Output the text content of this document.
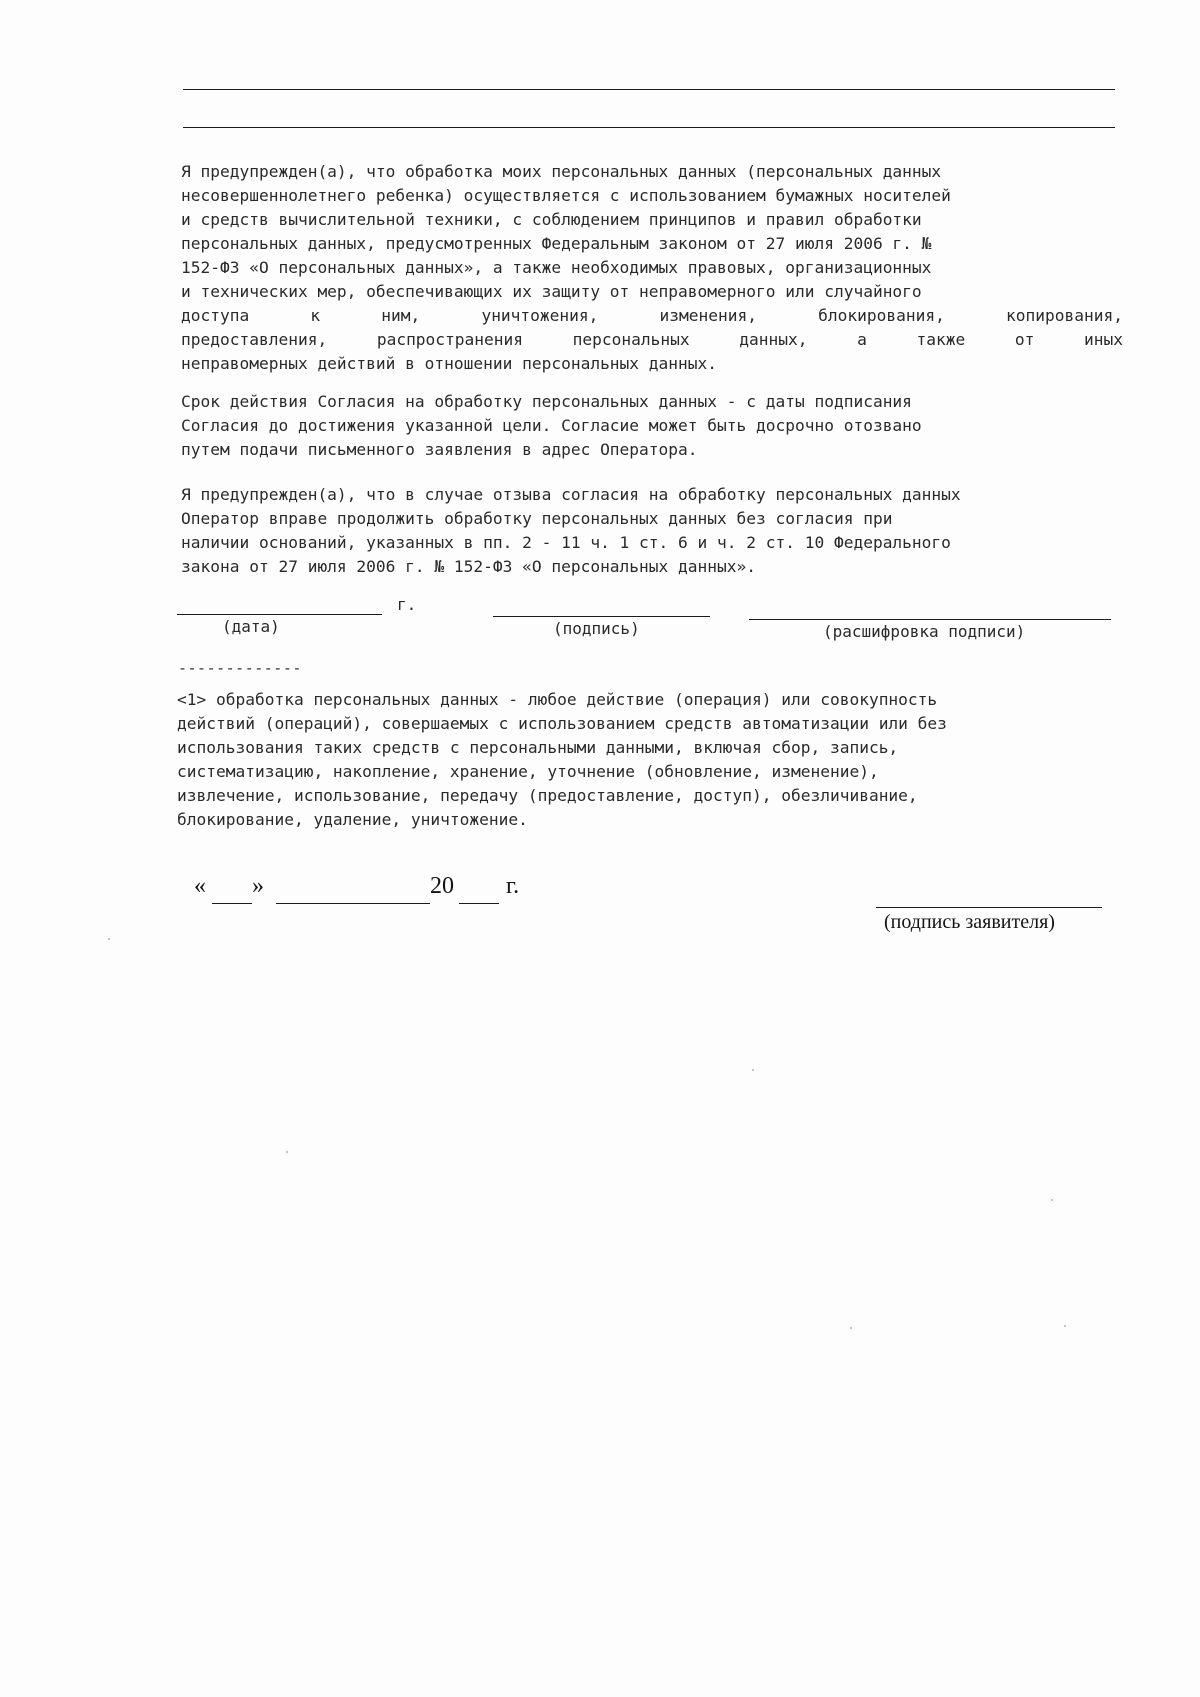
Я предупрежден(а), что обработка моих персональных данных (персональных данных
несовершеннолетнего ребенка) осуществляется с использованием бумажных носителей
и средств вычислительной техники, с соблюдением принципов и правил обработки
персональных данных, предусмотренных Федеральным законом от 27 июля 2006 г. №
152-ФЗ «О персональных данных», а также необходимых правовых, организационных
и технических мер, обеспечивающих их защиту от неправомерного или случайного
доступа к ним, уничтожения, изменения, блокирования, копирования,
предоставления, распространения персональных данных, а также от иных
неправомерных действий в отношении персональных данных.
Срок действия Согласия на обработку персональных данных - с даты подписания
Согласия до достижения указанной цели. Согласие может быть досрочно отозвано
путем подачи письменного заявления в адрес Оператора.
Я предупрежден(а), что в случае отзыва согласия на обработку персональных данных
Оператор вправе продолжить обработку персональных данных без согласия при
наличии оснований, указанных в пп. 2 - 11 ч. 1 ст. 6 и ч. 2 ст. 10 Федерального
закона от 27 июля 2006 г. № 152-ФЗ «О персональных данных».
г.
(дата)	(подпись)	(расшифровка подписи)
-------------
<1> обработка персональных данных - любое действие (операция) или совокупность
действий (операций), совершаемых с использованием средств автоматизации или без
использования таких средств с персональными данными, включая сбор, запись,
систематизацию, накопление, хранение, уточнение (обновление, изменение),
извлечение, использование, передачу (предоставление, доступ), обезличивание,
блокирование, удаление, уничтожение.
« »	20 г.
(подпись заявителя)
